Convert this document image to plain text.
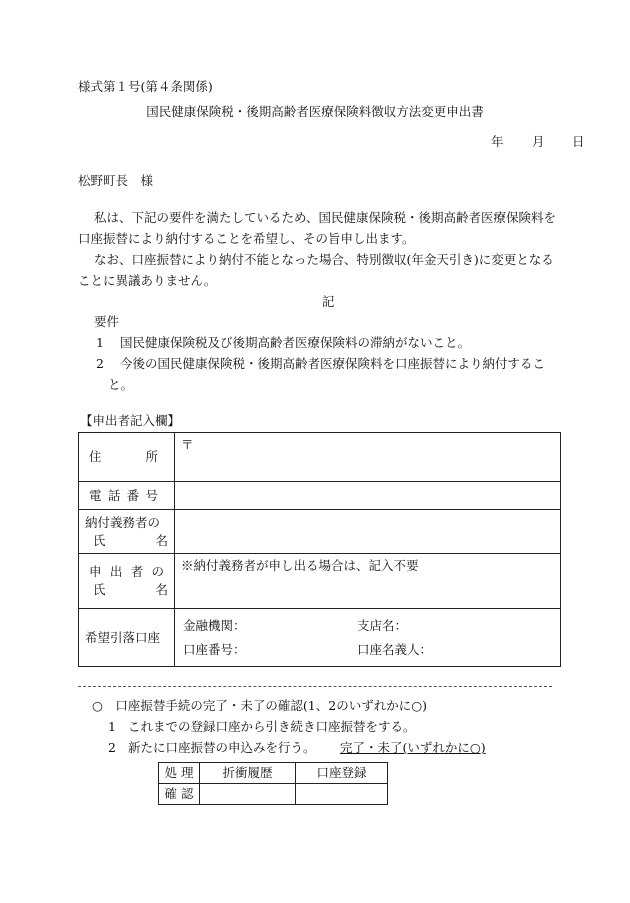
様式第１号(第４条関係)
国民健康保険税・後期高齢者医療保険料徴収方法変更申出書
年 月 日
松野町長　様
私は、下記の要件を満たしているため、国民健康保険税・後期高齢者医療保険料を
口座振替により納付することを希望し、その旨申し出ます。
なお、口座振替により納付不能となった場合、特別徴収(年金天引き)に変更となる
ことに異議ありません。
記
要件
1 国民健康保険税及び後期高齢者医療保険料の滞納がないこと。
2 今後の国民健康保険税・後期高齢者医療保険料を口座振替により納付するこ
と。
【申出者記入欄】
住 所	〒

電 話 番 号	

納付義務者の
氏　　　　名	

申 出 者 の
氏　　　　名	※納付義務者が申し出る場合は、記入不要
希望引落口座	金融機関： 支店名：
口座番号： 口座名義人：
○　口座振替手続の完了・未了の確認(1、2のいずれかに○)
1 これまでの登録口座から引き続き口座振替をする。
2 新たに口座振替の申込みを行う。 完了・未了(いずれかに○)
処 理	折衝履歴	口座登録
確 認		
